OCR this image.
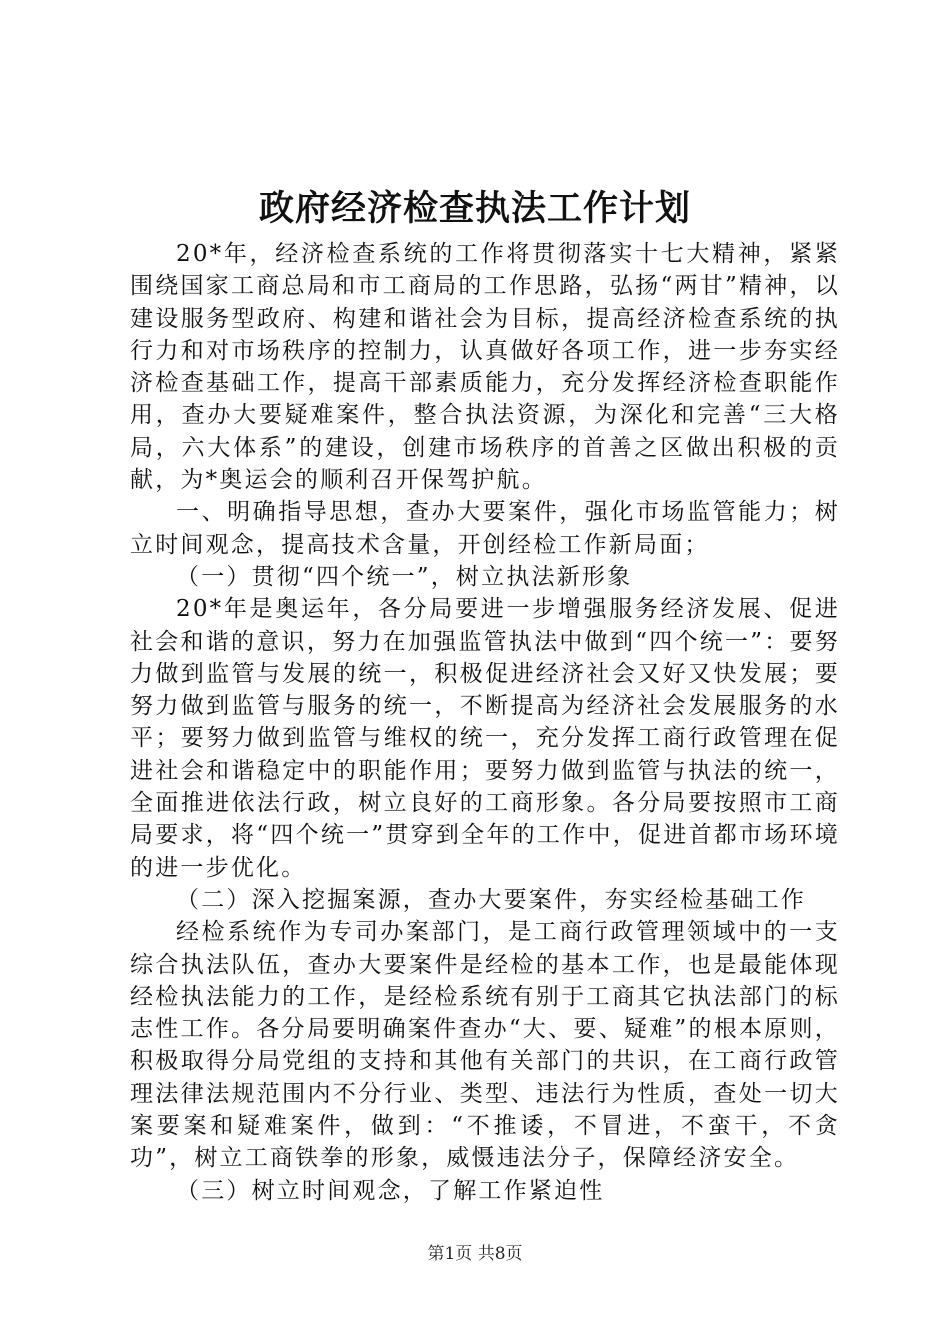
政府经济检查执法工作计划

20*年，经济检查系统的工作将贯彻落实十七大精神，紧紧围绕国家工商总局和市工商局的工作思路，弘扬“两甘”精神，以建设服务型政府、构建和谐社会为目标，提高经济检查系统的执行力和对市场秩序的控制力，认真做好各项工作，进一步夯实经济检查基础工作，提高干部素质能力，充分发挥经济检查职能作用，查办大要疑难案件，整合执法资源，为深化和完善“三大格局，六大体系”的建设，创建市场秩序的首善之区做出积极的贡献，为*奥运会的顺利召开保驾护航。

一、明确指导思想，查办大要案件，强化市场监管能力；树立时间观念，提高技术含量，开创经检工作新局面；

（一）贯彻“四个统一”，树立执法新形象

20*年是奥运年，各分局要进一步增强服务经济发展、促进社会和谐的意识，努力在加强监管执法中做到“四个统一”：要努力做到监管与发展的统一，积极促进经济社会又好又快发展；要努力做到监管与服务的统一，不断提高为经济社会发展服务的水平；要努力做到监管与维权的统一，充分发挥工商行政管理在促进社会和谐稳定中的职能作用；要努力做到监管与执法的统一，全面推进依法行政，树立良好的工商形象。各分局要按照市工商局要求，将“四个统一”贯穿到全年的工作中，促进首都市场环境的进一步优化。

（二）深入挖掘案源，查办大要案件，夯实经检基础工作

经检系统作为专司办案部门，是工商行政管理领域中的一支综合执法队伍，查办大要案件是经检的基本工作，也是最能体现经检执法能力的工作，是经检系统有别于工商其它执法部门的标志性工作。各分局要明确案件查办“大、要、疑难”的根本原则，积极取得分局党组的支持和其他有关部门的共识，在工商行政管理法律法规范围内不分行业、类型、违法行为性质，查处一切大案要案和疑难案件，做到：“不推诿，不冒进，不蛮干，不贪功”，树立工商铁拳的形象，威慑违法分子，保障经济安全。

（三）树立时间观念，了解工作紧迫性

第1页 共8页
